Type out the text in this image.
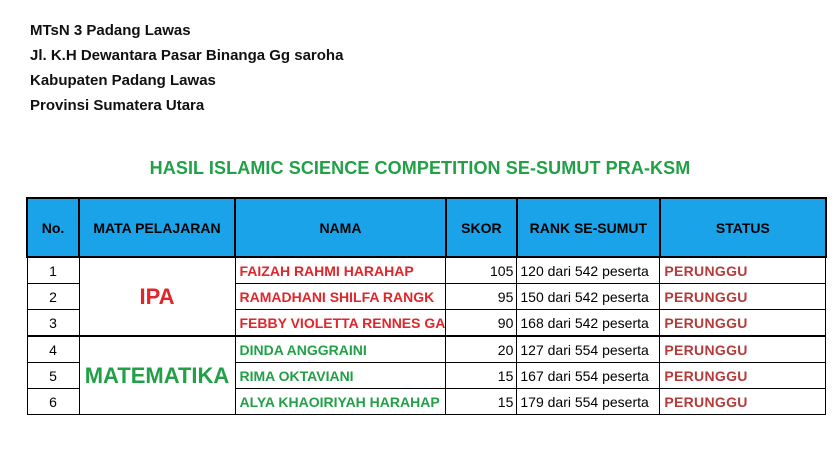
MTsN 3 Padang Lawas
Jl. K.H Dewantara Pasar Binanga Gg saroha
Kabupaten Padang Lawas
Provinsi Sumatera Utara
HASIL ISLAMIC SCIENCE COMPETITION SE-SUMUT PRA-KSM
No.	MATA PELAJARAN	NAMA	SKOR	RANK SE-SUMUT	STATUS
1	IPA	FAIZAH RAHMI HARAHAP	105	120 dari 542 peserta	PERUNGGU
2		RAMADHANI SHILFA RANGK	95	150 dari 542 peserta	PERUNGGU
3		FEBBY VIOLETTA RENNES GA	90	168 dari 542 peserta	PERUNGGU
4	MATEMATIKA	DINDA ANGGRAINI	20	127 dari 554 peserta	PERUNGGU
5		RIMA OKTAVIANI	15	167 dari 554 peserta	PERUNGGU
6		ALYA KHAOIRIYAH HARAHAP	15	179 dari 554 peserta	PERUNGGU
